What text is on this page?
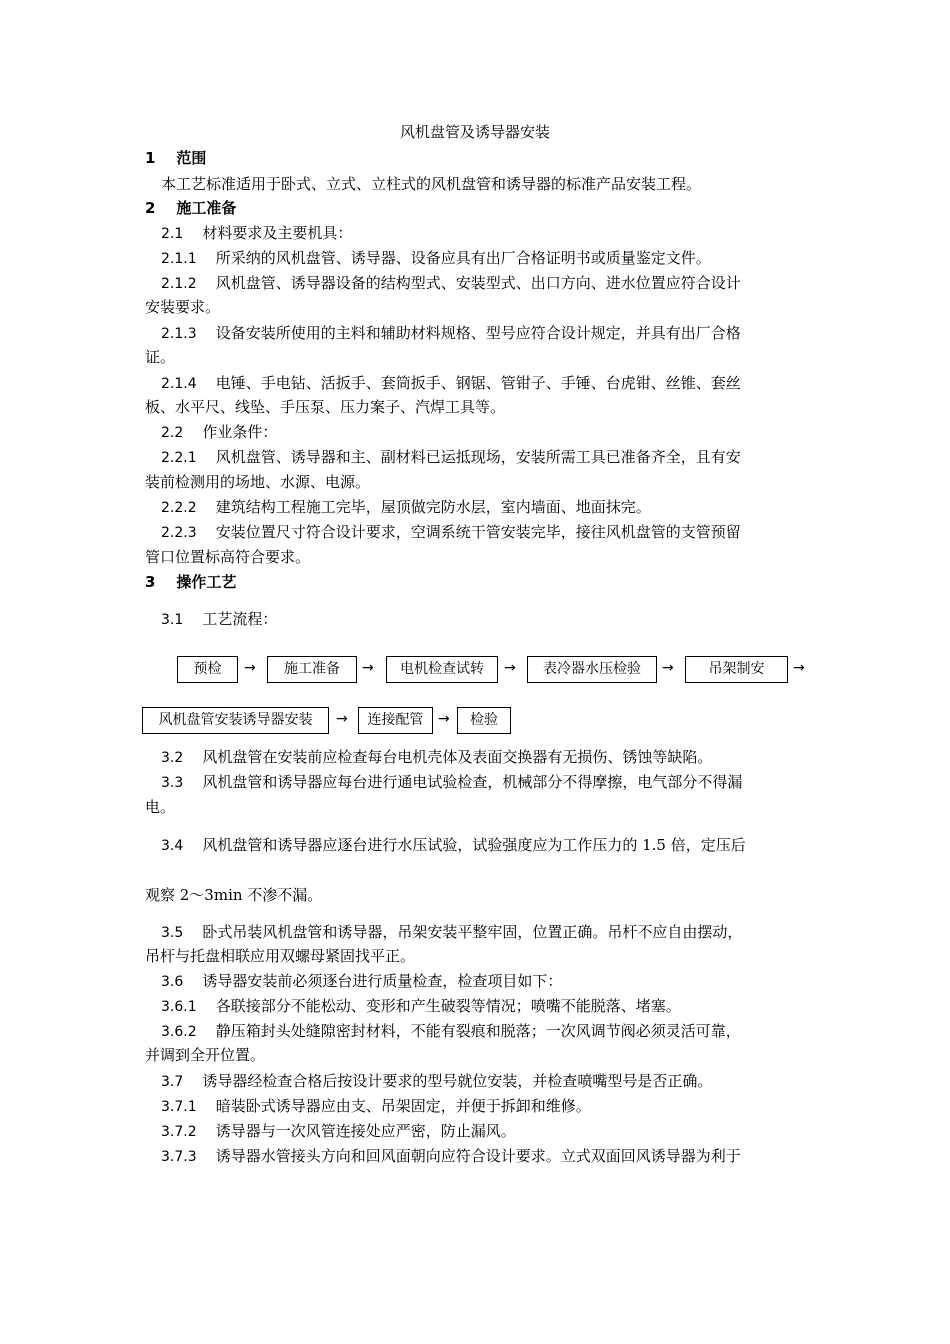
风机盘管及诱导器安装
1 范围
本工艺标准适用于卧式、立式、立柱式的风机盘管和诱导器的标准产品安装工程。
2 施工准备
2.1 材料要求及主要机具：
2.1.1 所采纳的风机盘管、诱导器、设备应具有出厂合格证明书或质量鉴定文件。
2.1.2 风机盘管、诱导器设备的结构型式、安装型式、出口方向、进水位置应符合设计
安装要求。
2.1.3 设备安装所使用的主料和辅助材料规格、型号应符合设计规定，并具有出厂合格
证。
2.1.4 电锤、手电钻、活扳手、套筒扳手、钢锯、管钳子、手锤、台虎钳、丝锥、套丝
板、水平尺、线坠、手压泵、压力案子、汽焊工具等。
2.2 作业条件：
2.2.1 风机盘管、诱导器和主、副材料已运抵现场，安装所需工具已准备齐全，且有安
装前检测用的场地、水源、电源。
2.2.2 建筑结构工程施工完毕，屋顶做完防水层，室内墙面、地面抹完。
2.2.3 安装位置尺寸符合设计要求，空调系统干管安装完毕，接往风机盘管的支管预留
管口位置标高符合要求。
3 操作工艺
3.1 工艺流程：
预检	→	施工准备	→	电机检查试转	→	表冷器水压检验	→	吊架制安	→
风机盘管安装诱导器安装	→	连接配管	→	检验
3.2 风机盘管在安装前应检查每台电机壳体及表面交换器有无损伤、锈蚀等缺陷。
3.3 风机盘管和诱导器应每台进行通电试验检查，机械部分不得摩擦，电气部分不得漏
电。
3.4 风机盘管和诱导器应逐台进行水压试验，试验强度应为工作压力的 1.5 倍，定压后
观察 2～3min 不渗不漏。
3.5 卧式吊装风机盘管和诱导器，吊架安装平整牢固，位置正确。吊杆不应自由摆动，
吊杆与托盘相联应用双螺母紧固找平正。
3.6 诱导器安装前必须逐台进行质量检查，检查项目如下：
3.6.1 各联接部分不能松动、变形和产生破裂等情况；喷嘴不能脱落、堵塞。
3.6.2 静压箱封头处缝隙密封材料，不能有裂痕和脱落；一次风调节阀必须灵活可靠，
并调到全开位置。
3.7 诱导器经检查合格后按设计要求的型号就位安装，并检查喷嘴型号是否正确。
3.7.1 暗装卧式诱导器应由支、吊架固定，并便于拆卸和维修。
3.7.2 诱导器与一次风管连接处应严密，防止漏风。
3.7.3 诱导器水管接头方向和回风面朝向应符合设计要求。立式双面回风诱导器为利于
